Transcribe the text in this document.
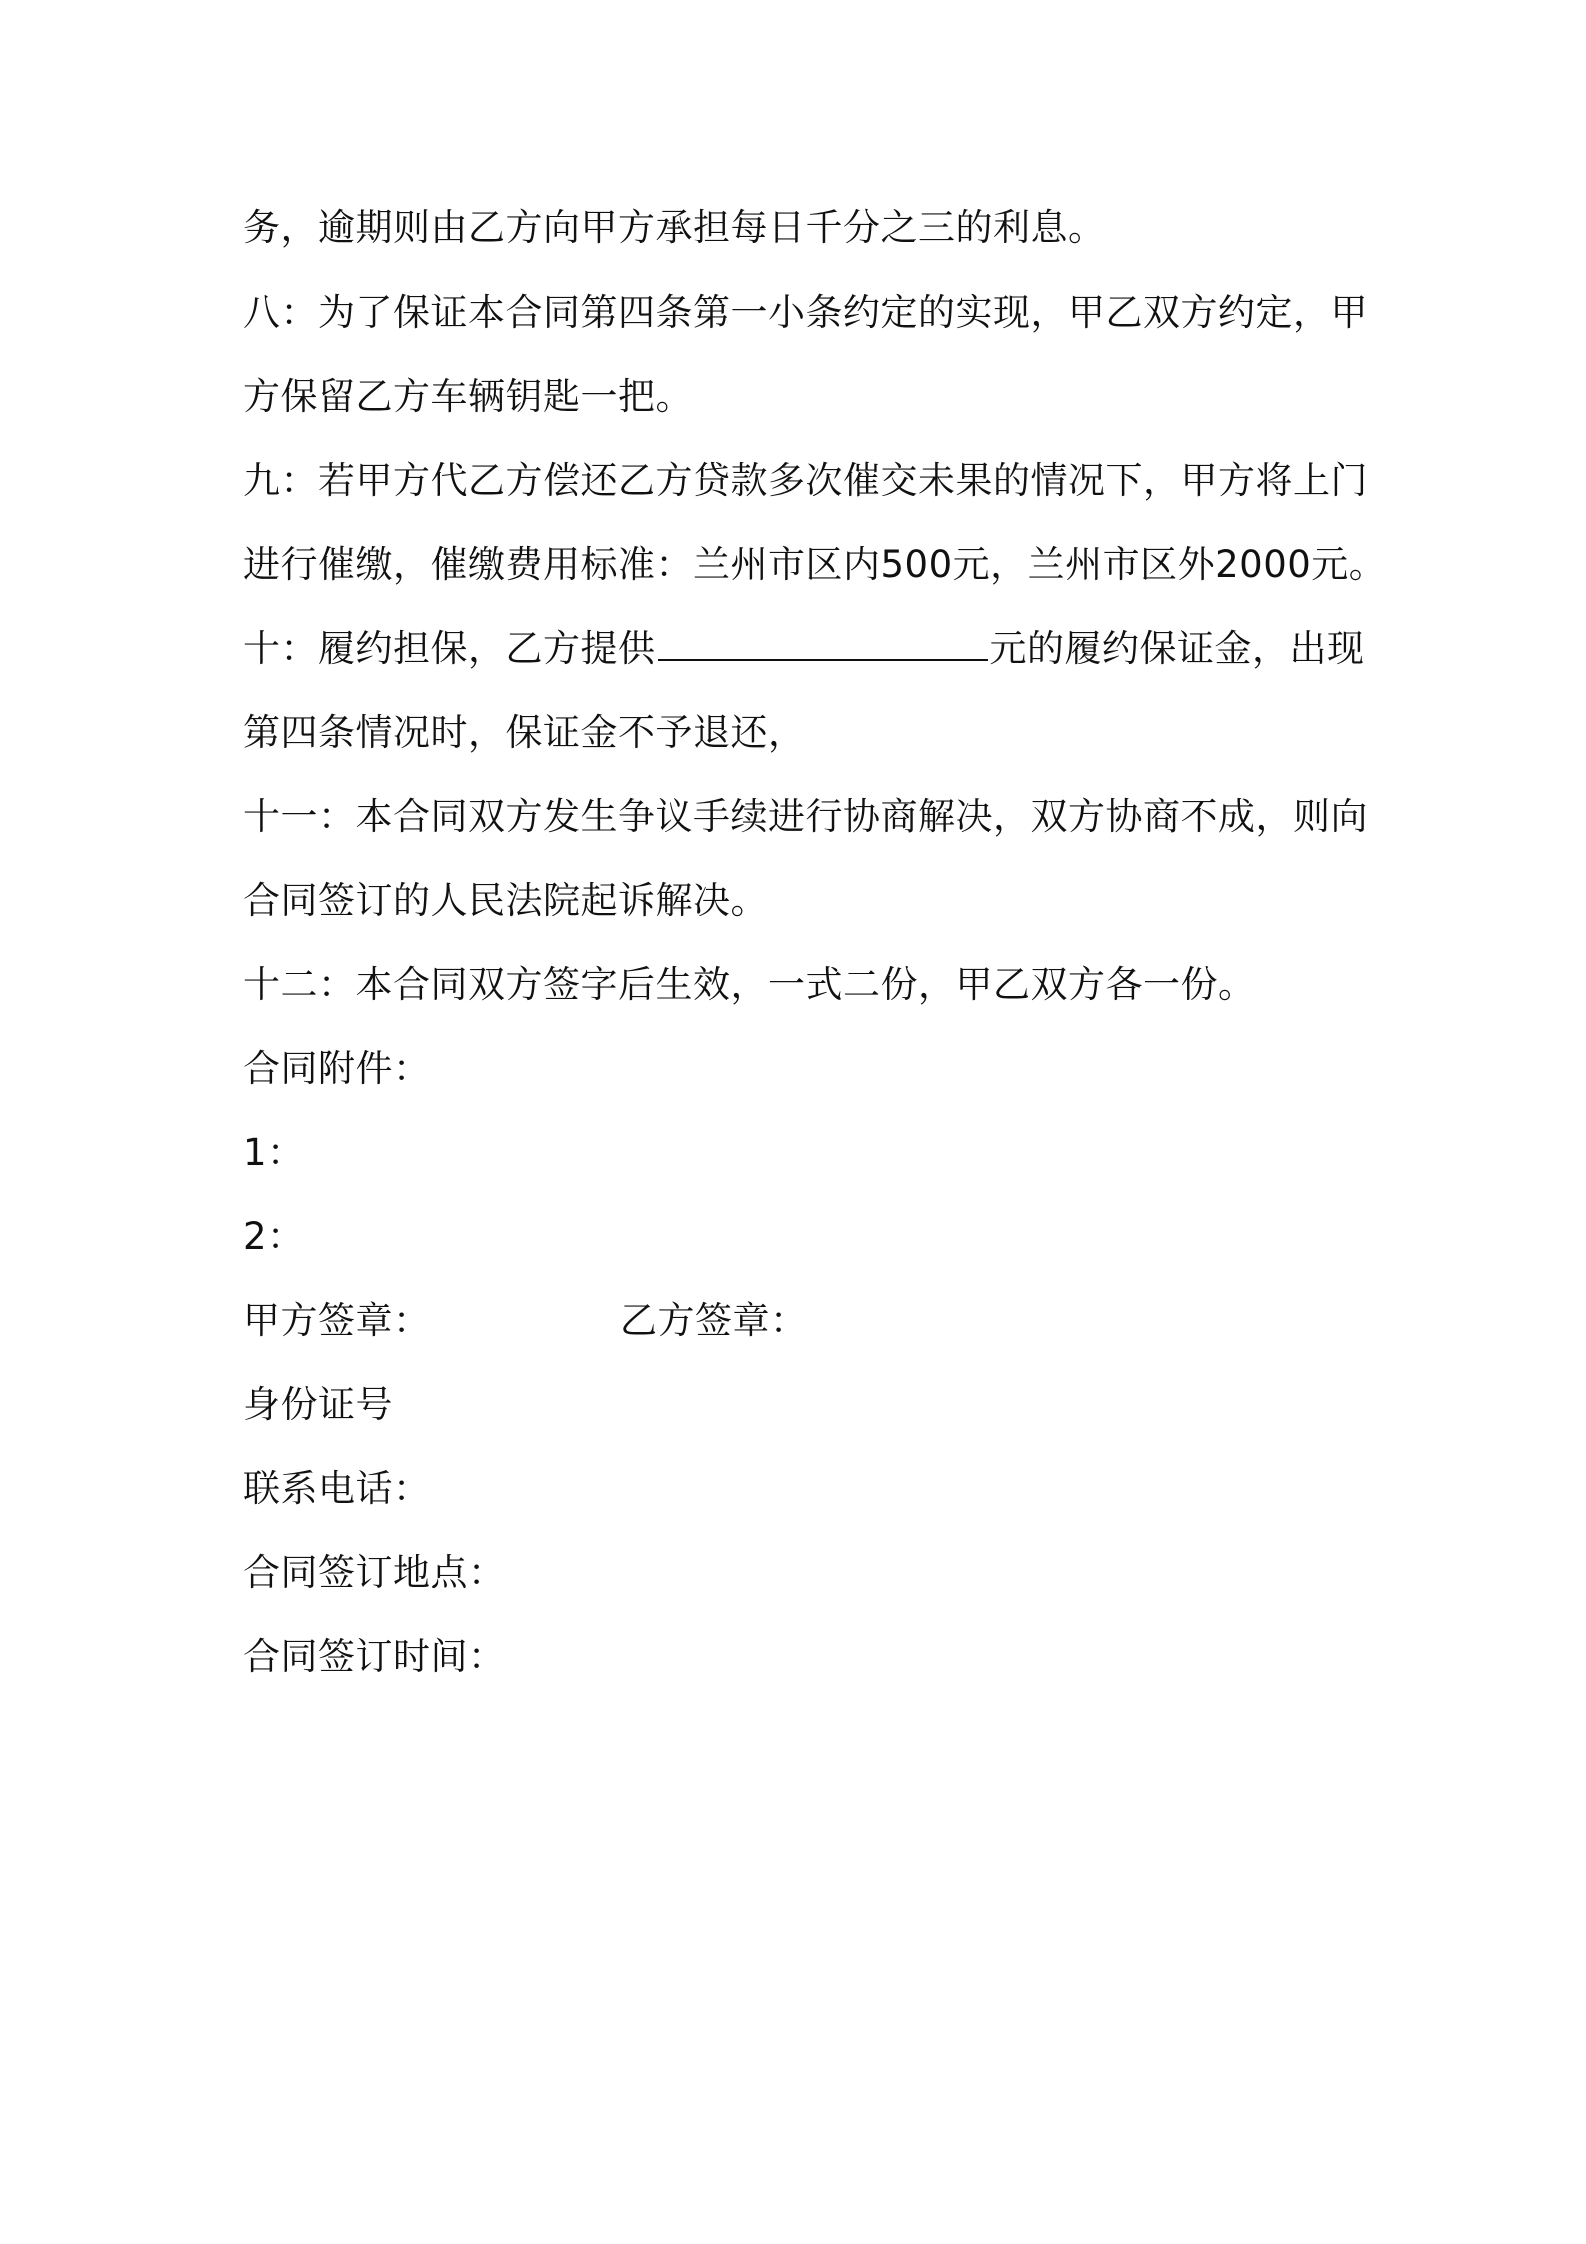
务，逾期则由乙方向甲方承担每日千分之三的利息。
八：为了保证本合同第四条第一小条约定的实现，甲乙双方约定，甲
方保留乙方车辆钥匙一把。
九：若甲方代乙方偿还乙方贷款多次催交未果的情况下，甲方将上门
进行催缴，催缴费用标准：兰州市区内500元，兰州市区外2000元。
十：履约担保，乙方提供	元的履约保证金，出现
第四条情况时，保证金不予退还，
十一：本合同双方发生争议手续进行协商解决，双方协商不成，则向
合同签订的人民法院起诉解决。
十二：本合同双方签字后生效，一式二份，甲乙双方各一份。
合同附件：
1：
2：
甲方签章：	乙方签章：
身份证号
联系电话：
合同签订地点：
合同签订时间：
